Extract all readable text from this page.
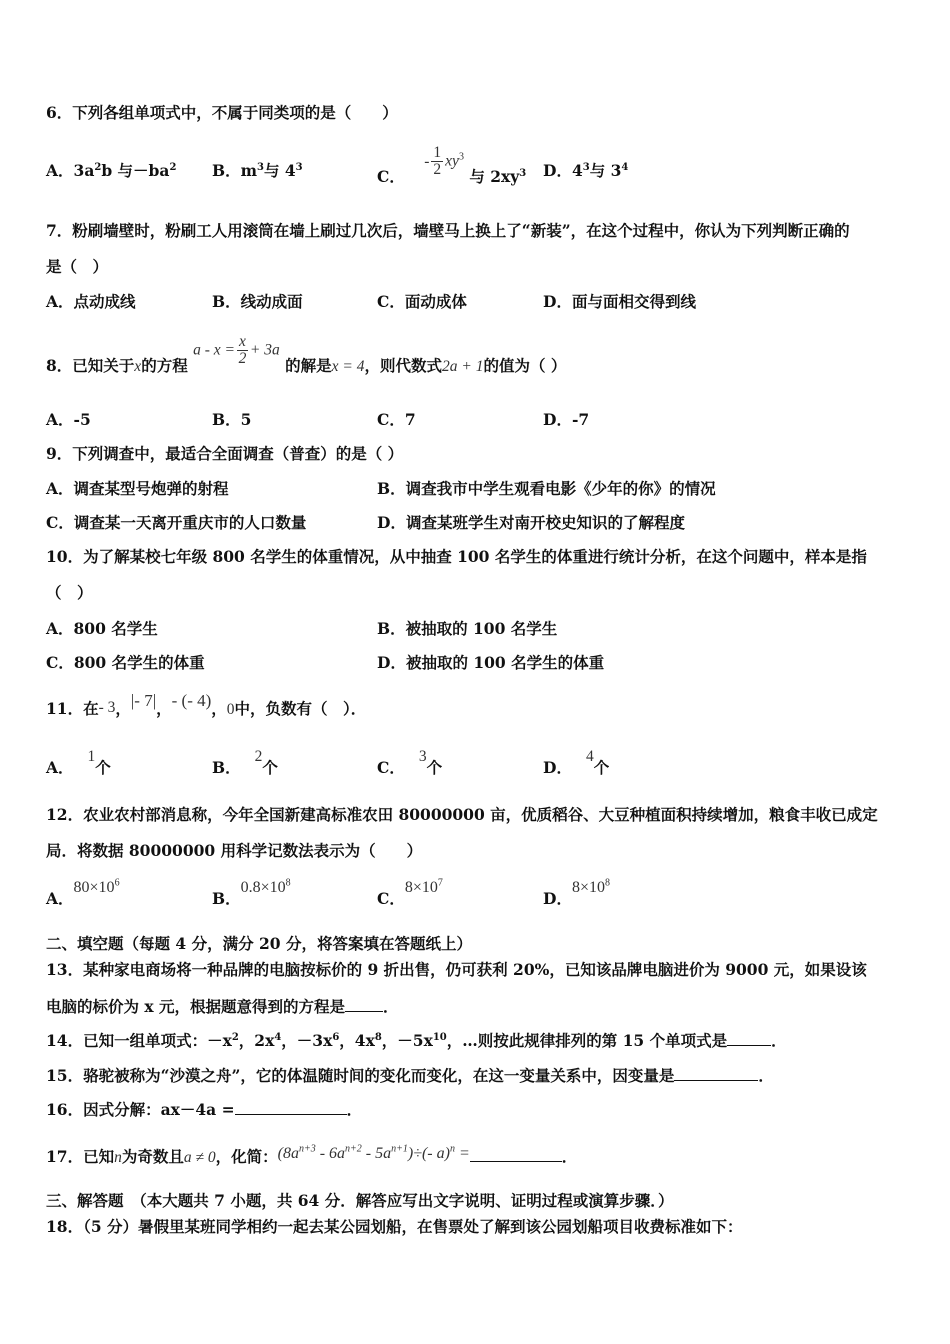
6．下列各组单项式中，不属于同类项的是（　　）
A．$3a^2b$ 与$-ba^2$ B．$m^3$与 $4^3$	C． - $\frac{1}{2} xy^3$ 与 $2xy^3$ D．$4^3$与 $3^4$
7．粉刷墙壁时，粉刷工人用滚筒在墙上刷过几次后，墙壁马上换上了“新装”，在这个过程中，你认为下列判断正确的
是（　）
A．点动成线	B．线动成面	C．面动成体	D．面与面相交得到线
8．已知关于x的方程 $a - x = \frac{x}{2} + 3a$ 的解是x = 4，则代数式2a + 1的值为（ ）
A．-5	B．5	C．7	D．-7
9．下列调查中，最适合全面调查（普查）的是（ ）
A．调查某型号炮弹的射程	B．调查我市中学生观看电影《少年的你》的情况
C．调查某一天离开重庆市的人口数量	D．调查某班学生对南开校史知识的了解程度
10．为了解某校七年级 800 名学生的体重情况，从中抽查 100 名学生的体重进行统计分析，在这个问题中，样本是指
（　）
A．800 名学生	B．被抽取的 100 名学生
C．800 名学生的体重	D．被抽取的 100 名学生的体重
11．在- 3，|- 7|，- (- 4)，0中，负数有（　）．
A．1个	B．2个	C．3个	D．4个
12．农业农村部消息称，今年全国新建高标准农田 80000000 亩，优质稻谷、大豆种植面积持续增加，粮食丰收已成定
局．将数据 80000000 用科学记数法表示为（　　）
A．$80\times 10^6$
B．$0.8\times 10^8$
C．$8\times 10^7$
D．$8\times 10^8$
二、填空题（每题 4 分，满分 20 分，将答案填在答题纸上）
13．某种家电商场将一种品牌的电脑按标价的 9 折出售，仍可获利 20%，已知该品牌电脑进价为 9000 元，如果设该
电脑的标价为 x 元，根据题意得到的方程是 ．
14．已知一组单项式：$-x^2$，$2x^4$，$-3x^6$，$4x^8$，$-5x^{10}$，…则按此规律排列的第 15 个单项式是	．
15．骆驼被称为“沙漠之舟”，它的体温随时间的变化而变化，在这一变量关系中，因变量是	．
16．因式分解：ax－4a =	．
17．已知n为奇数且a ≠ 0，化简：$(8a^{n+3} - 6a^{n+2} - 5a^{n+1})\div(-$ a)$^n$ =	．
三、解答题　（本大题共 7 小题，共 64 分．解答应写出文字说明、证明过程或演算步骤．）
18．（5 分）暑假里某班同学相约一起去某公园划船，在售票处了解到该公园划船项目收费标准如下：
